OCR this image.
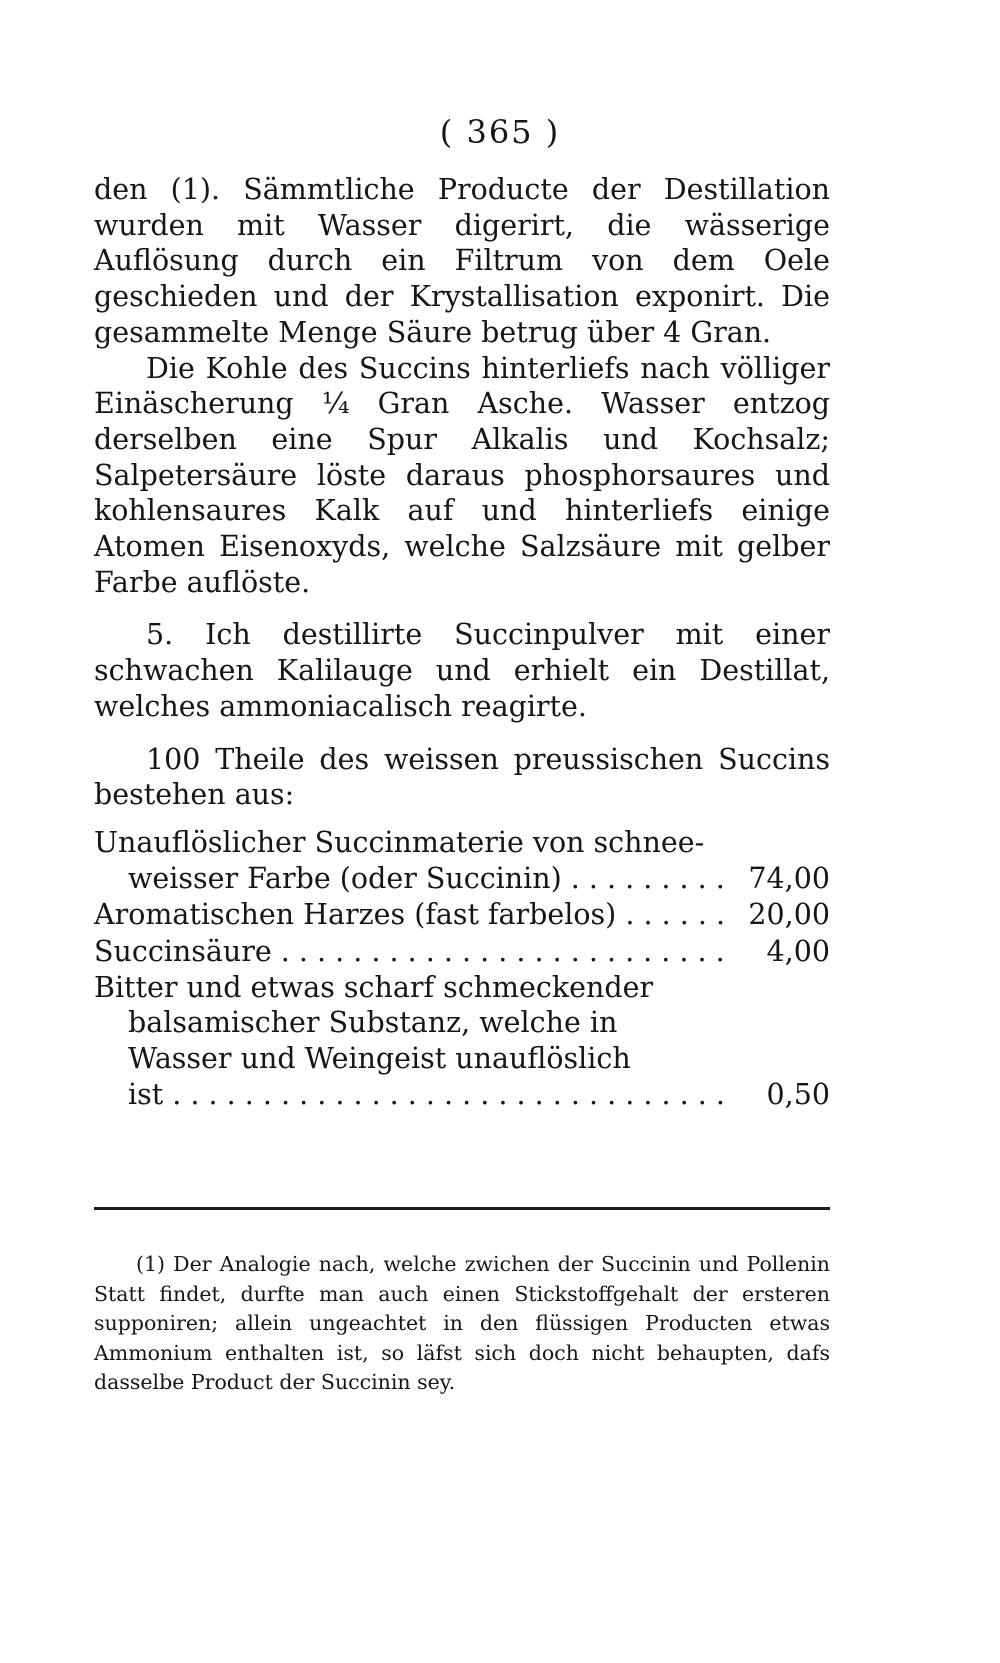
( 365 )

den (1). Sämmtliche Producte der Destillation wurden mit Wasser digerirt, die wässerige Auflösung durch ein Filtrum von dem Oele geschieden und der Krystallisation exponirt. Die gesammelte Menge Säure betrug über 4 Gran.

Die Kohle des Succins hinterliefs nach völliger Einäscherung ¼ Gran Asche. Wasser entzog derselben eine Spur Alkalis und Kochsalz; Salpetersäure löste daraus phosphorsaures und kohlensaures Kalk auf und hinterliefs einige Atomen Eisenoxyds, welche Salzsäure mit gelber Farbe auflöste.

5. Ich destillirte Succinpulver mit einer schwachen Kalilauge und erhielt ein Destillat, welches ammoniacalisch reagirte.

100 Theile des weissen preussischen Succins bestehen aus:

Unauflöslicher Succinmaterie von schnee-
weisser Farbe (oder Succinin) . . .	74,00
Aromatischen Harzes (fast farbelos) . . .	20,00
Succinsäure . . .	4,00
Bitter und etwas scharf schmeckender
balsamischer Substanz, welche in
Wasser und Weingeist unauflöslich
ist . . .	0,50

(1) Der Analogie nach, welche zwichen der Succinin und Pollenin Statt findet, durfte man auch einen Stickstoffgehalt der ersteren supponiren; allein ungeachtet in den flüssigen Producten etwas Ammonium enthalten ist, so läfst sich doch nicht behaupten, dafs dasselbe Product der Succinin sey.
